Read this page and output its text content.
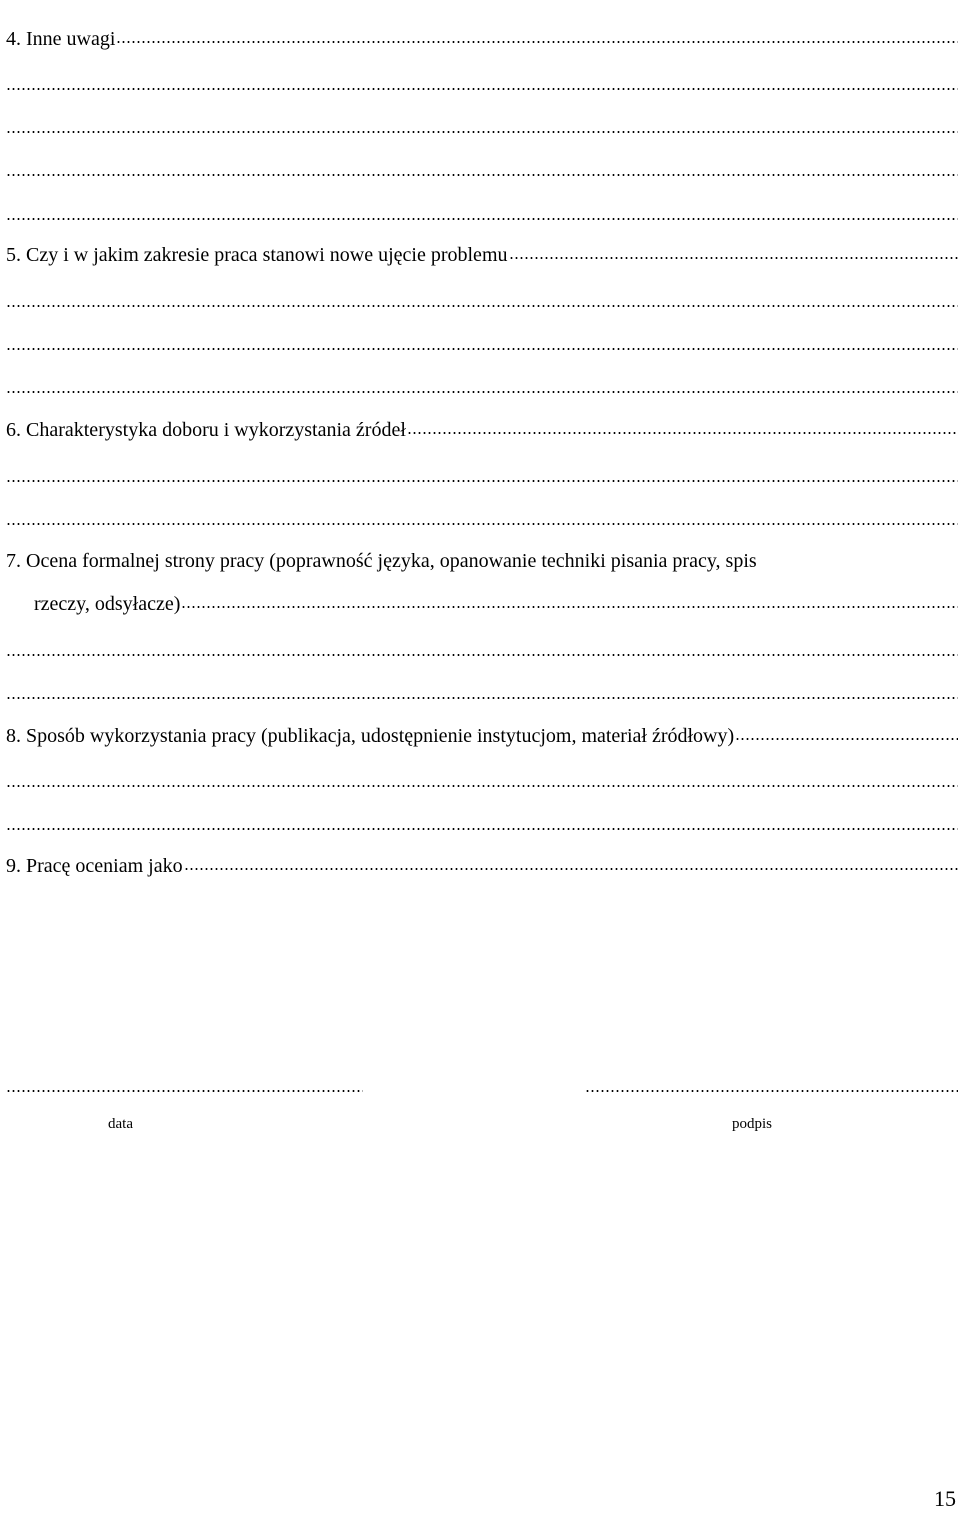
4. Inne uwagi
5. Czy i w jakim zakresie praca stanowi nowe ujęcie problemu
6. Charakterystyka doboru i wykorzystania źródeł
7. Ocena formalnej strony pracy (poprawność języka, opanowanie techniki pisania pracy, spis
rzeczy, odsyłacze)
8. Sposób wykorzystania pracy (publikacja, udostępnienie instytucjom, materiał źródłowy)
9. Pracę oceniam jako
data	podpis
15
